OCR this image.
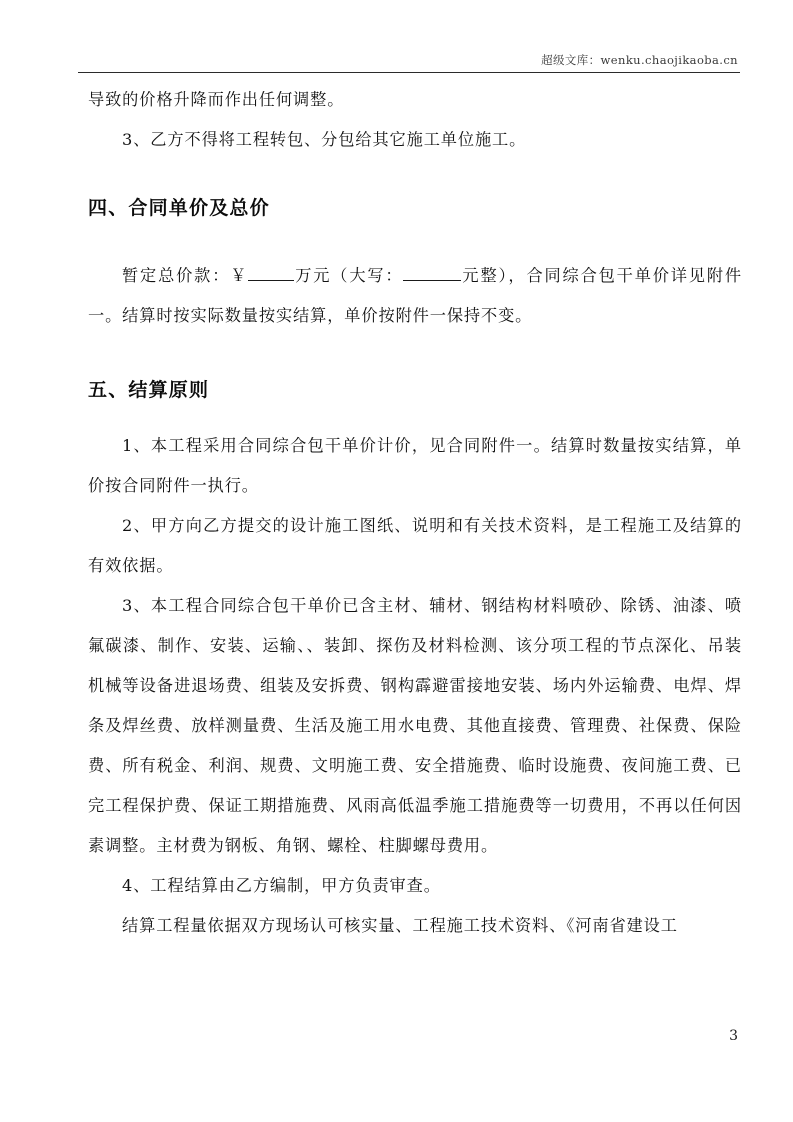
超级文库：wenku.chaojikaoba.cn

导致的价格升降而作出任何调整。

3、乙方不得将工程转包、分包给其它施工单位施工。

四、合同单价及总价

暂定总价款：￥	万元（大写：	元整），合同综合包干单价详见附件一。结算时按实际数量按实结算，单价按附件一保持不变。

五、结算原则

1、本工程采用合同综合包干单价计价，见合同附件一。结算时数量按实结算，单价按合同附件一执行。

2、甲方向乙方提交的设计施工图纸、说明和有关技术资料，是工程施工及结算的有效依据。

3、本工程合同综合包干单价已含主材、辅材、钢结构材料喷砂、除锈、油漆、喷氟碳漆、制作、安装、运输、、装卸、探伤及材料检测、该分项工程的节点深化、吊装机械等设备进退场费、组装及安拆费、钢构霹避雷接地安装、场内外运输费、电焊、焊条及焊丝费、放样测量费、生活及施工用水电费、其他直接费、管理费、社保费、保险费、所有税金、利润、规费、文明施工费、安全措施费、临时设施费、夜间施工费、已完工程保护费、保证工期措施费、风雨高低温季施工措施费等一切费用，不再以任何因素调整。主材费为钢板、角钢、螺栓、柱脚螺母费用。

4、工程结算由乙方编制，甲方负责审查。

结算工程量依据双方现场认可核实量、工程施工技术资料、《河南省建设工

3
